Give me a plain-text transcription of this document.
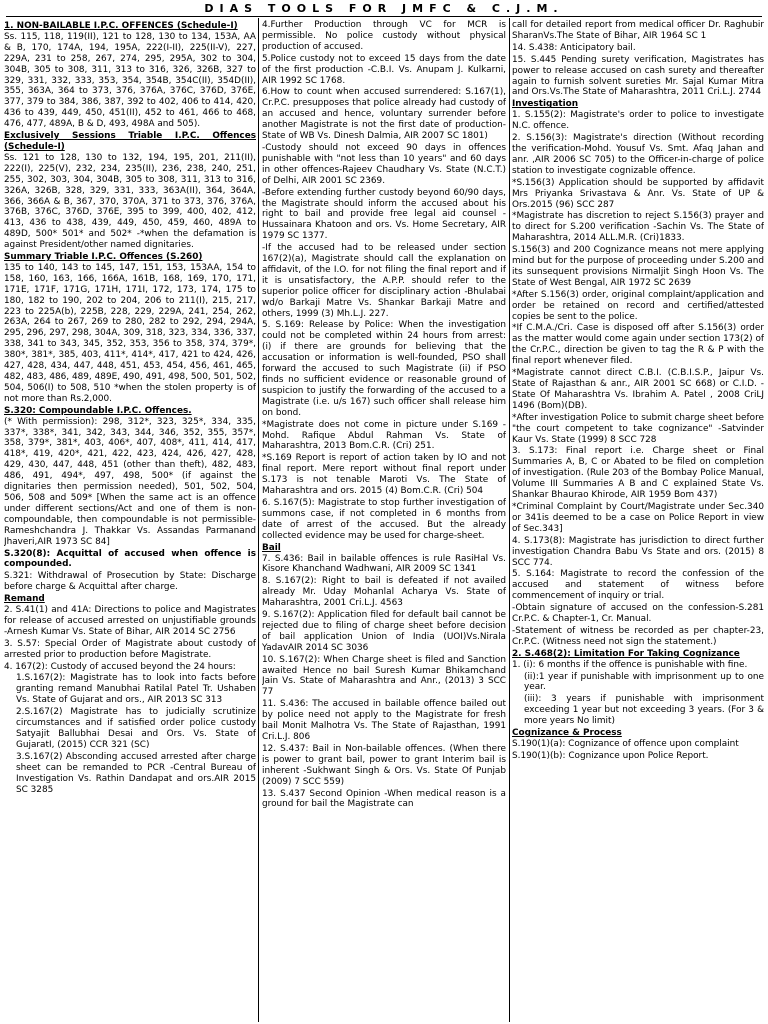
DIAS TOOLS FOR JMFC & C.J.M.
1. NON-BAILABLE I.P.C. OFFENCES (Schedule-I)
Ss. 115, 118, 119(II), 121 to 128, 130 to 134, 153A, AA & B, 170, 174A, 194, 195A, 222(I-II), 225(II-V), 227, 229A, 231 to 258, 267, 274, 295, 295A, 302 to 304, 304B, 305 to 308, 311, 313 to 316, 326, 326B, 327 to 329, 331, 332, 333, 353, 354, 354B, 354C(II), 354D(II), 355, 363A, 364 to 373, 376, 376A, 376C, 376D, 376E, 377, 379 to 384, 386, 387, 392 to 402, 406 to 414, 420, 436 to 439, 449, 450, 451(II), 452 to 461, 466 to 468, 476, 477, 489A, B & D, 493, 498A and 505).
Exclusively Sessions Triable I.P.C. Offences (Schedule-I)
Ss. 121 to 128, 130 to 132, 194, 195, 201, 211(II), 222(I), 225(V), 232, 234, 235(II), 236, 238, 240, 251, 255, 302, 303, 304, 304B, 305 to 308, 311, 313 to 316, 326A, 326B, 328, 329, 331, 333, 363A(II), 364, 364A, 366, 366A & B, 367, 370, 370A, 371 to 373, 376, 376A, 376B, 376C, 376D, 376E, 395 to 399, 400, 402, 412, 413, 436 to 438, 439, 449, 450, 459, 460, 489A to 489D, 500* 501* and 502* -*when the defamation is against President/other named dignitaries.
Summary Triable I.P.C. Offences (S.260)
135 to 140, 143 to 145, 147, 151, 153, 153AA, 154 to 158, 160, 163, 166, 166A, 161B, 168, 169, 170, 171, 171E, 171F, 171G, 171H, 171I, 172, 173, 174, 175 to 180, 182 to 190, 202 to 204, 206 to 211(I), 215, 217, 223 to 225A(b), 225B, 228, 229, 229A, 241, 254, 262, 263A, 264 to 267, 269 to 280, 282 to 292, 294, 294A, 295, 296, 297, 298, 304A, 309, 318, 323, 334, 336, 337, 338, 341 to 343, 345, 352, 353, 356 to 358, 374, 379*, 380*, 381*, 385, 403, 411*, 414*, 417, 421 to 424, 426, 427, 428, 434, 447, 448, 451, 453, 454, 456, 461, 465, 482, 483, 486, 489, 489E, 490, 491, 498, 500, 501, 502, 504, 506(I) to 508, 510 *when the stolen property is of not more than Rs.2,000.
S.320: Compoundable I.P.C. Offences.
(* With permission): 298, 312*, 323, 325*, 334, 335, 337*, 338*, 341, 342, 343, 344, 346, 352, 355, 357*, 358, 379*, 381*, 403, 406*, 407, 408*, 411, 414, 417, 418*, 419, 420*, 421, 422, 423, 424, 426, 427, 428, 429, 430, 447, 448, 451 (other than theft), 482, 483, 486, 491, 494*, 497, 498, 500* (if against the dignitaries then permission needed), 501, 502, 504, 506, 508 and 509* [When the same act is an offence under different sections/Act and one of them is non-compoundable, then compoundable is not permissible-Rameshchandra J. Thakkar Vs. Assandas Parmanand Jhaveri,AIR 1973 SC 84]
S.320(8): Acquittal of accused when offence is compounded.
S.321: Withdrawal of Prosecution by State: Discharge before charge & Acquittal after charge.
Remand
2. S.41(1) and 41A: Directions to police and Magistrates for release of accused arrested on unjustifiable grounds -Arnesh Kumar Vs. State of Bihar, AIR 2014 SC 2756
3. S.57: Special Order of Magistrate about custody of arrested prior to production before Magistrate.
4. 167(2): Custody of accused beyond the 24 hours:
1.S.167(2): Magistrate has to look into facts before granting remand Manubhai Ratilal Patel Tr. Ushaben Vs. State of Gujarat and ors., AIR 2013 SC 313
2.S.167(2) Magistrate has to judicially scrutinize circumstances and if satisfied order police custody Satyajit Ballubhai Desai and Ors. Vs. State of GujaratI, (2015) CCR 321 (SC)
3.S.167(2) Absconding accused arrested after charge sheet can be remanded to PCR -Central Bureau of Investigation Vs. Rathin Dandapat and ors.AIR 2015 SC 3285
4.Further Production through VC for MCR is permissible. No police custody without physical production of accused.
5.Police custody not to exceed 15 days from the date of the first production -C.B.I. Vs. Anupam J. Kulkarni, AIR 1992 SC 1768.
6.How to count when accused surrendered: S.167(1), Cr.P.C. presupposes that police already had custody of an accused and hence, voluntary surrender before another Magistrate is not the first date of production-State of WB Vs. Dinesh Dalmia, AIR 2007 SC 1801)
-Custody should not exceed 90 days in offences punishable with "not less than 10 years" and 60 days in other offences-Rajeev Chaudhary Vs. State (N.C.T.) of Delhi, AIR 2001 SC 2369.
-Before extending further custody beyond 60/90 days, the Magistrate should inform the accused about his right to bail and provide free legal aid counsel -Hussainara Khatoon and ors. Vs. Home Secretary, AIR 1979 SC 1377.
-If the accused had to be released under section 167(2)(a), Magistrate should call the explanation on affidavit, of the I.O. for not filing the final report and if it is unsatisfactory, the A.P.P. should refer to the superior police officer for disciplinary action -Bhulabai wd/o Barkaji Matre Vs. Shankar Barkaji Matre and others, 1999 (3) Mh.L.J. 227.
5. S.169: Release by Police: When the investigation could not be completed within 24 hours from arrest: (i) if there are grounds for believing that the accusation or information is well-founded, PSO shall forward the accused to such Magistrate (ii) if PSO finds no sufficient evidence or reasonable ground of suspicion to justify the forwarding of the accused to a Magistrate (i.e. u/s 167) such officer shall release him on bond.
*Magistrate does not come in picture under S.169 -Mohd. Rafique Abdul Rahman Vs. State of Maharashtra, 2013 Bom.C.R. (Cri) 251.
*S.169 Report is report of action taken by IO and not final report. Mere report without final report under S.173 is not tenable Maroti Vs. The State of Maharashtra and ors. 2015 (4) Bom.C.R. (Cri) 504
6. S.167(5): Magistrate to stop further investigation of summons case, if not completed in 6 months from date of arrest of the accused. But the already collected evidence may be used for charge-sheet.
Bail
7. S.436: Bail in bailable offences is rule RasiHal Vs. Kisore Khanchand Wadhwani, AIR 2009 SC 1341
8. S.167(2): Right to bail is defeated if not availed already Mr. Uday Mohanlal Acharya Vs. State of Maharashtra, 2001 Cri.L.J. 4563
9. S.167(2): Application filed for default bail cannot be rejected due to filing of charge sheet before decision of bail application Union of India (UOI)Vs.Nirala YadavAIR 2014 SC 3036
10. S.167(2): When Charge sheet is filed and Sanction awaited Hence no bail Suresh Kumar Bhikamchand Jain Vs. State of Maharashtra and Anr., (2013) 3 SCC 77
11. S.436: The accused in bailable offence bailed out by police need not apply to the Magistrate for fresh bail Monit Malhotra Vs. The State of Rajasthan, 1991 Cri.L.J. 806
12. S.437: Bail in Non-bailable offences. (When there is power to grant bail, power to grant Interim bail is inherent -Sukhwant Singh & Ors. Vs. State Of Punjab (2009) 7 SCC 559)
13. S.437 Second Opinion -When medical reason is a ground for bail the Magistrate can
call for detailed report from medical officer Dr. Raghubir SharanVs.The State of Bihar, AIR 1964 SC 1
14. S.438: Anticipatory bail.
15. S.445 Pending surety verification, Magistrates has power to release accused on cash surety and thereafter again to furnish solvent sureties Mr. Sajal Kumar Mitra and Ors.Vs.The State of Maharashtra, 2011 Cri.L.J. 2744
Investigation
1. S.155(2): Magistrate's order to police to investigate N.C. offence.
2. S.156(3): Magistrate's direction (Without recording the verification-Mohd. Yousuf Vs. Smt. Afaq Jahan and anr. ,AIR 2006 SC 705) to the Officer-in-charge of police station to investigate cognizable offence.
*S.156(3) Application should be supported by affidavit Mrs Priyanka Srivastava & Anr. Vs. State of UP & Ors.2015 (96) SCC 287
*Magistrate has discretion to reject S.156(3) prayer and to direct for S.200 verification -Sachin Vs. The State of Maharashtra, 2014 ALL.M.R. (Cri)1833.
S.156(3) and 200 Cognizance means not mere applying mind but for the purpose of proceeding under S.200 and its sunsequent provisions Nirmaljit Singh Hoon Vs. The State of West Bengal, AIR 1972 SC 2639
*After S.156(3) order, original complaint/application and order be retained on record and certified/attested copies be sent to the police.
*If C.M.A./Cri. Case is disposed off after S.156(3) order as the matter would come again under section 173(2) of the Cr.P.C., direction be given to tag the R & P with the final report whenever filed.
*Magistrate cannot direct C.B.I. (C.B.I.S.P., Jaipur Vs. State of Rajasthan & anr., AIR 2001 SC 668) or C.I.D. -State Of Maharashtra Vs. Ibrahim A. Patel , 2008 CriLJ 1496 (Bom)(DB).
*After investigation Police to submit charge sheet before "the court competent to take cognizance" -Satvinder Kaur Vs. State (1999) 8 SCC 728
3. S.173: Final report i.e. Charge sheet or Final Summaries A, B, C or Abated to be filed on completion of investigation. (Rule 203 of the Bombay Police Manual, Volume III Summaries A B and C explained State Vs. Shankar Bhaurao Khirode, AIR 1959 Bom 437)
*Criminal Complaint by Court/Magistrate under Sec.340 or 341is deemed to be a case on Police Report in view of Sec.343]
4. S.173(8): Magistrate has jurisdiction to direct further investigation Chandra Babu Vs State and ors. (2015) 8 SCC 774.
5. S.164: Magistrate to record the confession of the accused and statement of witness before commencement of inquiry or trial.
-Obtain signature of accused on the confession-S.281 Cr.P.C. & Chapter-1, Cr. Manual.
-Statement of witness be recorded as per chapter-23, Cr.P.C. (Witness need not sign the statement.)
2. S.468(2): Limitation For Taking Cognizance
1. (i): 6 months if the offence is punishable with fine.
(ii):1 year if punishable with imprisonment up to one year.
(iii): 3 years if punishable with imprisonment exceeding 1 year but not exceeding 3 years. (For 3 & more years No limit)
Cognizance & Process
S.190(1)(a): Cognizance of offence upon complaint
S.190(1)(b): Cognizance upon Police Report.
